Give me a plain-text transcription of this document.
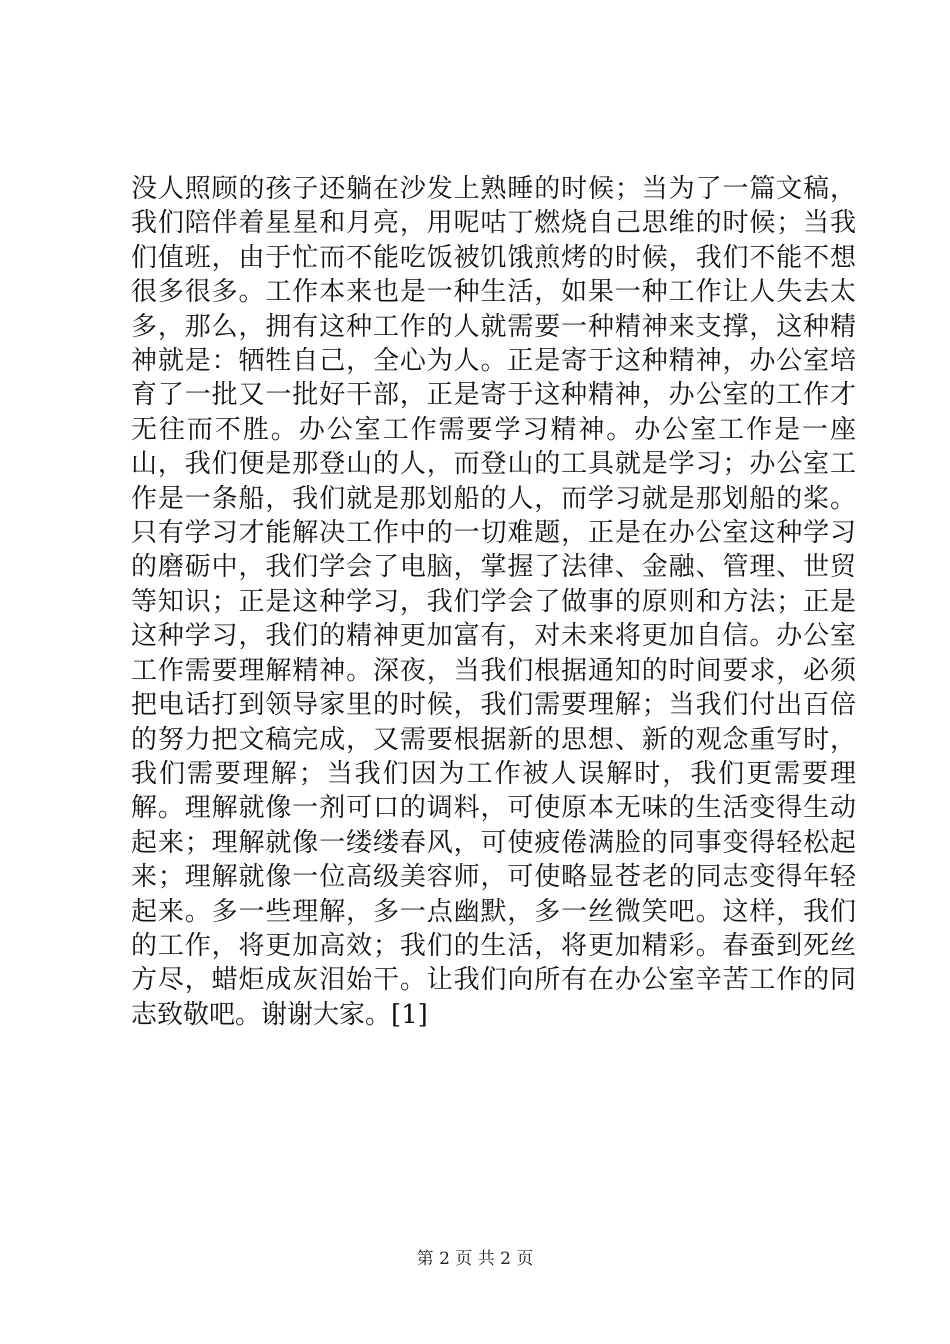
没人照顾的孩子还躺在沙发上熟睡的时候；当为了一篇文稿，我们陪伴着星星和月亮，用呢咕丁燃烧自己思维的时候；当我们值班，由于忙而不能吃饭被饥饿煎烤的时候，我们不能不想很多很多。工作本来也是一种生活，如果一种工作让人失去太多，那么，拥有这种工作的人就需要一种精神来支撑，这种精神就是：牺牲自己，全心为人。正是寄于这种精神，办公室培育了一批又一批好干部，正是寄于这种精神，办公室的工作才无往而不胜。办公室工作需要学习精神。办公室工作是一座山，我们便是那登山的人，而登山的工具就是学习；办公室工作是一条船，我们就是那划船的人，而学习就是那划船的桨。只有学习才能解决工作中的一切难题，正是在办公室这种学习的磨砺中，我们学会了电脑，掌握了法律、金融、管理、世贸等知识；正是这种学习，我们学会了做事的原则和方法；正是这种学习，我们的精神更加富有，对未来将更加自信。办公室工作需要理解精神。深夜，当我们根据通知的时间要求，必须把电话打到领导家里的时候，我们需要理解；当我们付出百倍的努力把文稿完成，又需要根据新的思想、新的观念重写时，我们需要理解；当我们因为工作被人误解时，我们更需要理解。理解就像一剂可口的调料，可使原本无味的生活变得生动起来；理解就像一缕缕春风，可使疲倦满脸的同事变得轻松起来；理解就像一位高级美容师，可使略显苍老的同志变得年轻起来。多一些理解，多一点幽默，多一丝微笑吧。这样，我们的工作，将更加高效；我们的生活，将更加精彩。春蚕到死丝方尽，蜡炬成灰泪始干。让我们向所有在办公室辛苦工作的同志致敬吧。谢谢大家。[1]

第 2 页 共 2 页
